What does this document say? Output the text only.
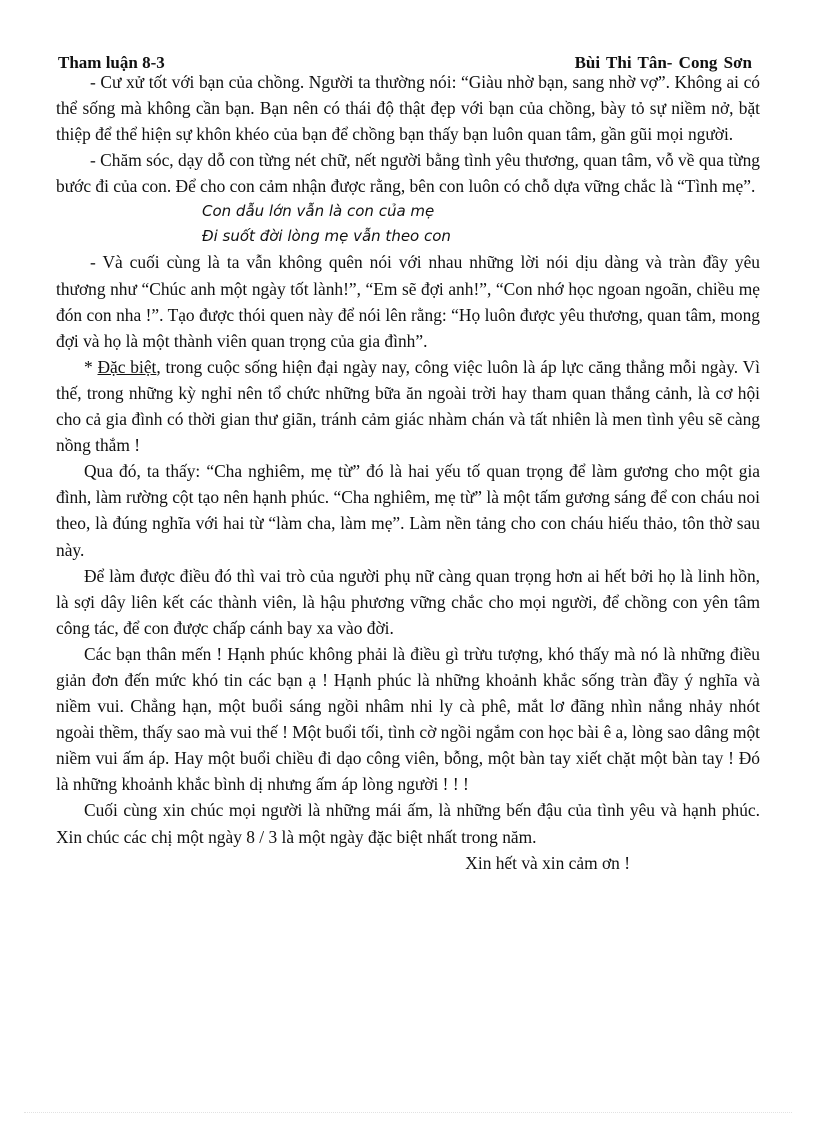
Tham luận 8-3	Bùi Thi Tân- Cong Sơn

- Cư xử tốt với bạn của chồng. Người ta thường nói: “Giàu nhờ bạn, sang nhờ vợ”. Không ai có thể sống mà không cần bạn. Bạn nên có thái độ thật đẹp với bạn của chồng, bày tỏ sự niềm nở, bặt thiệp để thể hiện sự khôn khéo của bạn để chồng bạn thấy bạn luôn quan tâm, gần gũi mọi người.

- Chăm sóc, dạy dỗ con từng nét chữ, nết người bằng tình yêu thương, quan tâm, vỗ về qua từng bước đi của con. Để cho con cảm nhận được rằng, bên con luôn có chỗ dựa vững chắc là “Tình mẹ”.

Con dẫu lớn vẫn là con của mẹ

Đi suốt đời lòng mẹ vẫn theo con

- Và cuối cùng là ta vẫn không quên nói với nhau những lời nói dịu dàng và tràn đầy yêu thương như “Chúc anh một ngày tốt lành!”, “Em sẽ đợi anh!”, “Con nhớ học ngoan ngoãn, chiều mẹ đón con nha !”. Tạo được thói quen này để nói lên rằng: “Họ luôn được yêu thương, quan tâm, mong đợi và họ là một thành viên quan trọng của gia đình”.

* Đặc biệt, trong cuộc sống hiện đại ngày nay, công việc luôn là áp lực căng thẳng mỗi ngày. Vì thế, trong những kỳ nghỉ nên tổ chức những bữa ăn ngoài trời hay tham quan thắng cảnh, là cơ hội cho cả gia đình có thời gian thư giãn, tránh cảm giác nhàm chán và tất nhiên là men tình yêu sẽ càng nồng thắm !

Qua đó, ta thấy: “Cha nghiêm, mẹ từ” đó là hai yếu tố quan trọng để làm gương cho một gia đình, làm rường cột tạo nên hạnh phúc. “Cha nghiêm, mẹ từ” là một tấm gương sáng để con cháu noi theo, là đúng nghĩa với hai từ “làm cha, làm mẹ”. Làm nền tảng cho con cháu hiếu thảo, tôn thờ sau này.

Để làm được điều đó thì vai trò của người phụ nữ càng quan trọng hơn ai hết bởi họ là linh hồn, là sợi dây liên kết các thành viên, là hậu phương vững chắc cho mọi người, để chồng con yên tâm công tác, để con được chấp cánh bay xa vào đời.

Các bạn thân mến ! Hạnh phúc không phải là điều gì trừu tượng, khó thấy mà nó là những điều giản đơn đến mức khó tin các bạn ạ ! Hạnh phúc là những khoảnh khắc sống tràn đầy ý nghĩa và niềm vui. Chẳng hạn, một buổi sáng ngồi nhâm nhi ly cà phê, mắt lơ đãng nhìn nắng nhảy nhót ngoài thềm, thấy sao mà vui thế ! Một buổi tối, tình cờ ngồi ngắm con học bài ê a, lòng sao dâng một niềm vui ấm áp. Hay một buổi chiều đi dạo công viên, bỗng, một bàn tay xiết chặt một bàn tay ! Đó là những khoảnh khắc bình dị nhưng ấm áp lòng người ! ! !

Cuối cùng xin chúc mọi người là những mái ấm, là những bến đậu của tình yêu và hạnh phúc. Xin chúc các chị một ngày 8 / 3 là một ngày đặc biệt nhất trong năm.

Xin hết và xin cảm ơn !
